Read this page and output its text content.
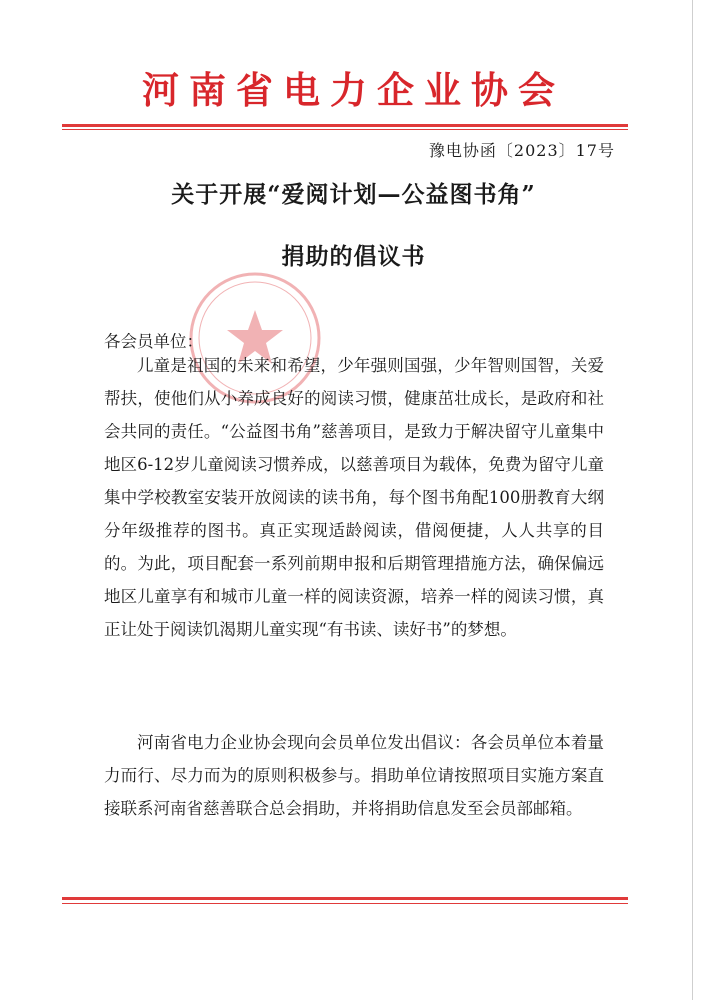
河南省电力企业协会
豫电协函〔2023〕17号
关于开展“爱阅计划—公益图书角”
捐助的倡议书
各会员单位：

儿童是祖国的未来和希望，少年强则国强，少年智则国智，关爱帮扶，使他们从小养成良好的阅读习惯，健康茁壮成长，是政府和社会共同的责任。“公益图书角”慈善项目，是致力于解决留守儿童集中地区6-12岁儿童阅读习惯养成，以慈善项目为载体，免费为留守儿童集中学校教室安装开放阅读的读书角，每个图书角配100册教育大纲分年级推荐的图书。真正实现适龄阅读，借阅便捷，人人共享的目的。为此，项目配套一系列前期申报和后期管理措施方法，确保偏远地区儿童享有和城市儿童一样的阅读资源，培养一样的阅读习惯，真正让处于阅读饥渴期儿童实现“有书读、读好书”的梦想。

河南省电力企业协会现向会员单位发出倡议：各会员单位本着量力而行、尽力而为的原则积极参与。捐助单位请按照项目实施方案直接联系河南省慈善联合总会捐助，并将捐助信息发至会员部邮箱。
